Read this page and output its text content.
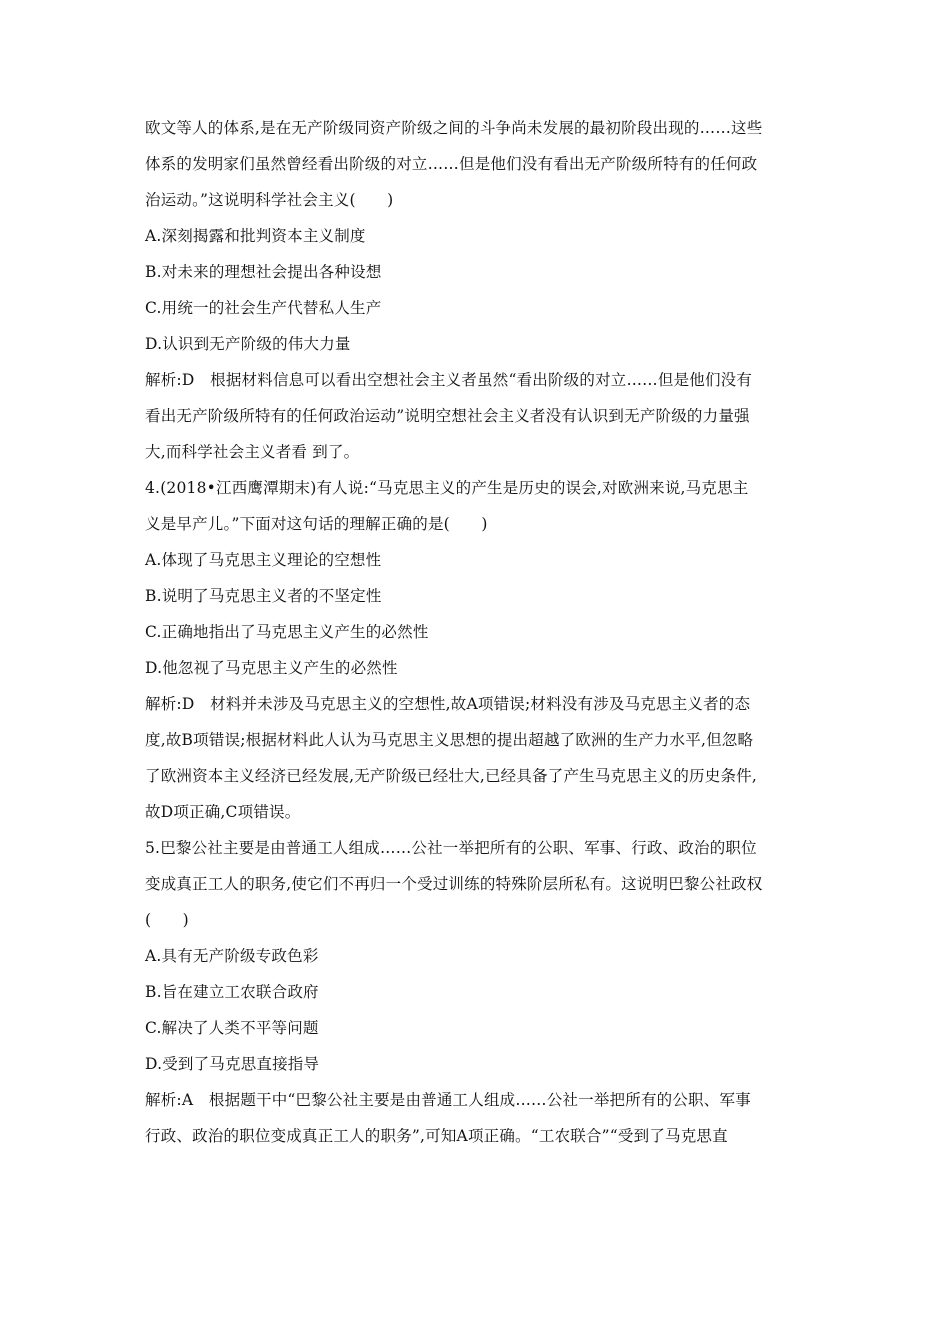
欧文等人的体系,是在无产阶级同资产阶级之间的斗争尚未发展的最初阶段出现的……这些
体系的发明家们虽然曾经看出阶级的对立……但是他们没有看出无产阶级所特有的任何政
治运动。”这说明科学社会主义(　　)
A.深刻揭露和批判资本主义制度
B.对未来的理想社会提出各种设想
C.用统一的社会生产代替私人生产
D.认识到无产阶级的伟大力量
解析:D　根据材料信息可以看出空想社会主义者虽然“看出阶级的对立……但是他们没有
看出无产阶级所特有的任何政治运动”说明空想社会主义者没有认识到无产阶级的力量强
大,而科学社会主义者看 到了。
4.(2018•江西鹰潭期末)有人说:“马克思主义的产生是历史的误会,对欧洲来说,马克思主
义是早产儿。”下面对这句话的理解正确的是(　　)
A.体现了马克思主义理论的空想性
B.说明了马克思主义者的不坚定性
C.正确地指出了马克思主义产生的必然性
D.他忽视了马克思主义产生的必然性
解析:D　材料并未涉及马克思主义的空想性,故A项错误;材料没有涉及马克思主义者的态
度,故B项错误;根据材料此人认为马克思主义思想的提出超越了欧洲的生产力水平,但忽略
了欧洲资本主义经济已经发展,无产阶级已经壮大,已经具备了产生马克思主义的历史条件,
故D项正确,C项错误。
5.巴黎公社主要是由普通工人组成……公社一举把所有的公职、军事、行政、政治的职位
变成真正工人的职务,使它们不再归一个受过训练的特殊阶层所私有。这说明巴黎公社政权
(　　)
A.具有无产阶级专政色彩
B.旨在建立工农联合政府
C.解决了人类不平等问题
D.受到了马克思直接指导
解析:A　根据题干中“巴黎公社主要是由普通工人组成……公社一举把所有的公职、军事
行政、政治的职位变成真正工人的职务”,可知A项正确。“工农联合”“受到了马克思直
